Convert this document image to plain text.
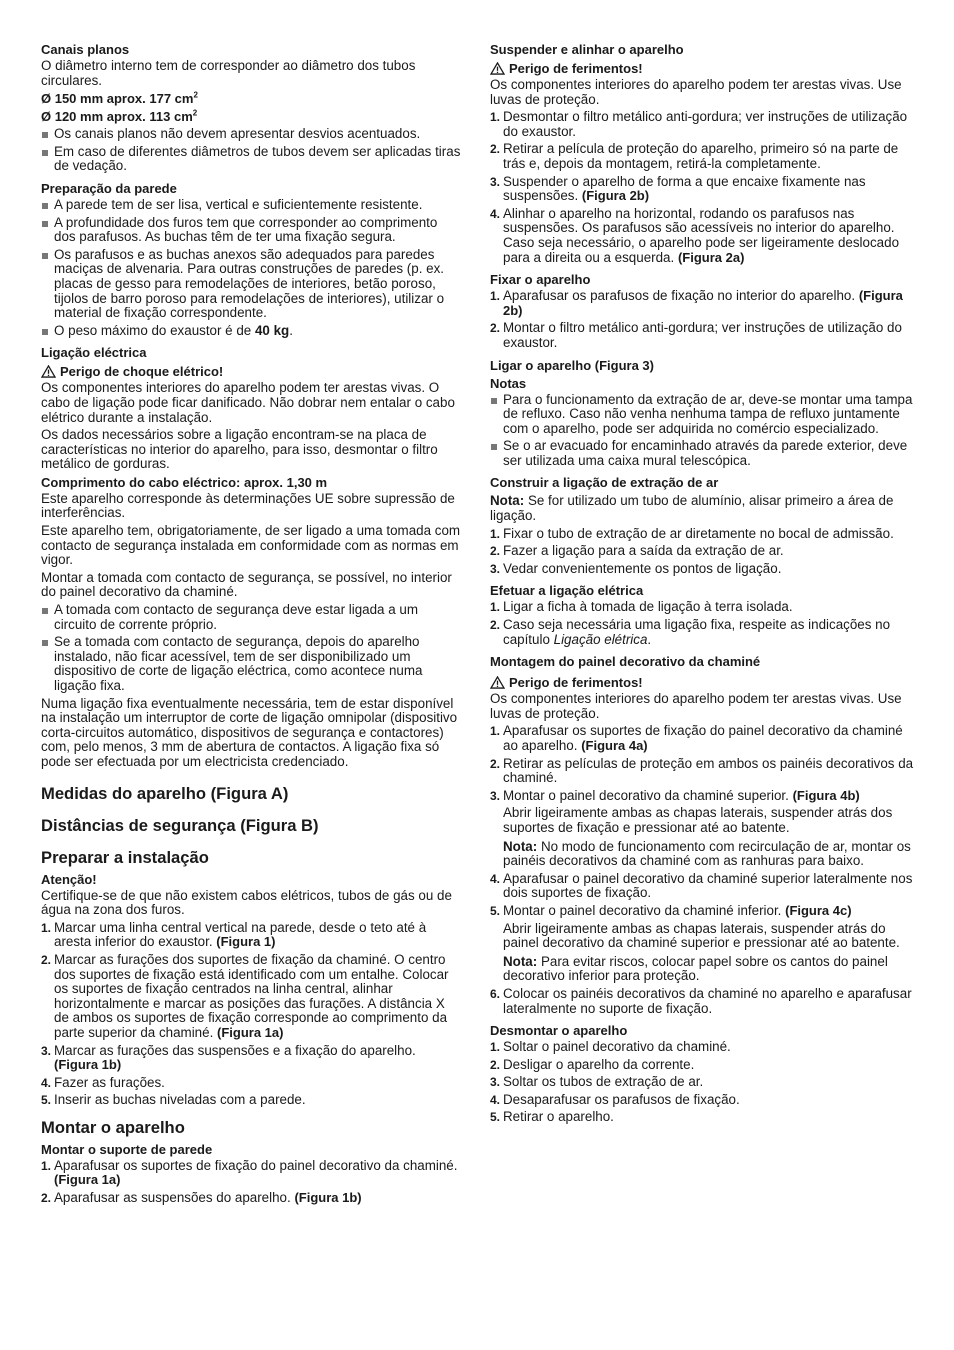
Canais planos

O diâmetro interno tem de corresponder ao diâmetro dos tubos circulares.

Ø 150 mm aprox. 177 $cm^2$
Ø 120 mm aprox. 113 $cm^2$
Os canais planos não devem apresentar desvios acentuados.
Em caso de diferentes diâmetros de tubos devem ser aplicadas tiras de vedação.
Preparação da parede
A parede tem de ser lisa, vertical e suficientemente resistente.
A profundidade dos furos tem que corresponder ao comprimento dos parafusos. As buchas têm de ter uma fixação segura.
Os parafusos e as buchas anexos são adequados para paredes maciças de alvenaria. Para outras construções de paredes (p. ex. placas de gesso para remodelações de interiores, betão poroso, tijolos de barro poroso para remodelações de interiores), utilizar o material de fixação correspondente.
O peso máximo do exaustor é de 40 kg.
Ligação eléctrica
Perigo de choque elétrico!

Os componentes interiores do aparelho podem ter arestas vivas. O cabo de ligação pode ficar danificado. Não dobrar nem entalar o cabo elétrico durante a instalação.

Os dados necessários sobre a ligação encontram-se na placa de características no interior do aparelho, para isso, desmontar o filtro metálico de gorduras.

Comprimento do cabo eléctrico: aprox. 1,30 m

Este aparelho corresponde às determinações UE sobre supressão de interferências.

Este aparelho tem, obrigatoriamente, de ser ligado a uma tomada com contacto de segurança instalada em conformidade com as normas em vigor.

Montar a tomada com contacto de segurança, se possível, no interior do painel decorativo da chaminé.

A tomada com contacto de segurança deve estar ligada a um circuito de corrente próprio.
Se a tomada com contacto de segurança, depois do aparelho instalado, não ficar acessível, tem de ser disponibilizado um dispositivo de corte de ligação eléctrica, como acontece numa ligação fixa.

Numa ligação fixa eventualmente necessária, tem de estar disponível na instalação um interruptor de corte de ligação omnipolar (dispositivo corta-circuitos automático, dispositivos de segurança e contactores) com, pelo menos, 3 mm de abertura de contactos. A ligação fixa só pode ser efectuada por um electricista credenciado.

Medidas do aparelho (Figura A)
Distâncias de segurança (Figura B)
Preparar a instalação
Atenção!

Certifique-se de que não existem cabos elétricos, tubos de gás ou de água na zona dos furos.

1. Marcar uma linha central vertical na parede, desde o teto até à aresta inferior do exaustor. (Figura 1)
2. Marcar as furações dos suportes de fixação da chaminé. O centro dos suportes de fixação está identificado com um entalhe. Colocar os suportes de fixação centrados na linha central, alinhar horizontalmente e marcar as posições das furações. A distância X de ambos os suportes de fixação corresponde ao comprimento da parte superior da chaminé. (Figura 1a)
3. Marcar as furações das suspensões e a fixação do aparelho. (Figura 1b)
4. Fazer as furações.
5. Inserir as buchas niveladas com a parede.
Montar o aparelho
Montar o suporte de parede
1. Aparafusar os suportes de fixação do painel decorativo da chaminé. (Figura 1a)
2. Aparafusar as suspensões do aparelho. (Figura 1b)
Suspender e alinhar o aparelho
Perigo de ferimentos!

Os componentes interiores do aparelho podem ter arestas vivas. Use luvas de proteção.

1. Desmontar o filtro metálico anti-gordura; ver instruções de utilização do exaustor.
2. Retirar a película de proteção do aparelho, primeiro só na parte de trás e, depois da montagem, retirá-la completamente.
3. Suspender o aparelho de forma a que encaixe fixamente nas suspensões. (Figura 2b)
4. Alinhar o aparelho na horizontal, rodando os parafusos nas suspensões. Os parafusos são acessíveis no interior do aparelho. Caso seja necessário, o aparelho pode ser ligeiramente deslocado para a direita ou a esquerda. (Figura 2a)
Fixar o aparelho
1. Aparafusar os parafusos de fixação no interior do aparelho. (Figura 2b)
2. Montar o filtro metálico anti-gordura; ver instruções de utilização do exaustor.
Ligar o aparelho (Figura 3)
Notas
Para o funcionamento da extração de ar, deve-se montar uma tampa de refluxo. Caso não venha nenhuma tampa de refluxo juntamente com o aparelho, pode ser adquirida no comércio especializado.
Se o ar evacuado for encaminhado através da parede exterior, deve ser utilizada uma caixa mural telescópica.
Construir a ligação de extração de ar

Nota: Se for utilizado um tubo de alumínio, alisar primeiro a área de ligação.

1. Fixar o tubo de extração de ar diretamente no bocal de admissão.
2. Fazer a ligação para a saída da extração de ar.
3. Vedar convenientemente os pontos de ligação.
Efetuar a ligação elétrica
1. Ligar a ficha à tomada de ligação à terra isolada.
2. Caso seja necessária uma ligação fixa, respeite as indicações no capítulo Ligação elétrica.
Montagem do painel decorativo da chaminé
Perigo de ferimentos!

Os componentes interiores do aparelho podem ter arestas vivas. Use luvas de proteção.

1. Aparafusar os suportes de fixação do painel decorativo da chaminé ao aparelho. (Figura 4a)
2. Retirar as películas de proteção em ambos os painéis decorativos da chaminé.
3. Montar o painel decorativo da chaminé superior. (Figura 4b)

Abrir ligeiramente ambas as chapas laterais, suspender atrás dos suportes de fixação e pressionar até ao batente.

Nota: No modo de funcionamento com recirculação de ar, montar os painéis decorativos da chaminé com as ranhuras para baixo.

4. Aparafusar o painel decorativo da chaminé superior lateralmente nos dois suportes de fixação.
5. Montar o painel decorativo da chaminé inferior. (Figura 4c)

Abrir ligeiramente ambas as chapas laterais, suspender atrás do painel decorativo da chaminé superior e pressionar até ao batente.

Nota: Para evitar riscos, colocar papel sobre os cantos do painel decorativo inferior para proteção.

6. Colocar os painéis decorativos da chaminé no aparelho e aparafusar lateralmente no suporte de fixação.
Desmontar o aparelho
1. Soltar o painel decorativo da chaminé.
2. Desligar o aparelho da corrente.
3. Soltar os tubos de extração de ar.
4. Desaparafusar os parafusos de fixação.
5. Retirar o aparelho.
